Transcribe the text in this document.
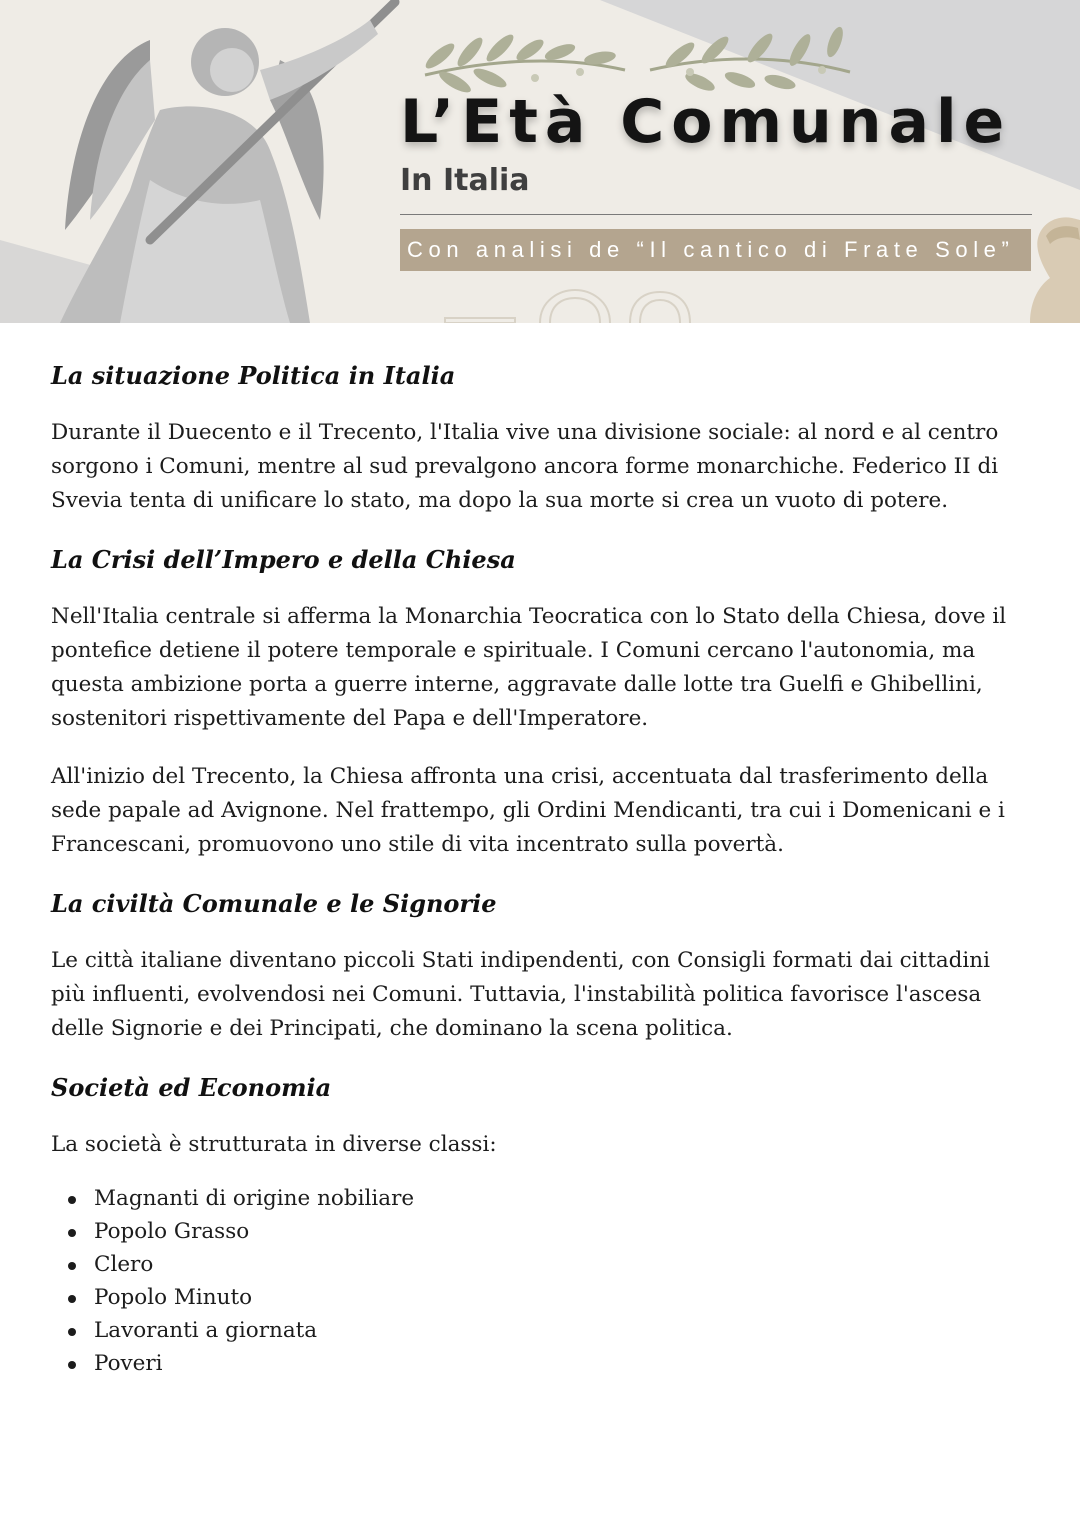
L’Età Comunale
In Italia
Con analisi de “Il cantico di Frate Sole”
La situazione Politica in Italia

Durante il Duecento e il Trecento, l'Italia vive una divisione sociale: al nord e al centro sorgono i Comuni, mentre al sud prevalgono ancora forme monarchiche. Federico II di Svevia tenta di unificare lo stato, ma dopo la sua morte si crea un vuoto di potere.

La Crisi dell’Impero e della Chiesa

Nell'Italia centrale si afferma la Monarchia Teocratica con lo Stato della Chiesa, dove il pontefice detiene il potere temporale e spirituale. I Comuni cercano l'autonomia, ma questa ambizione porta a guerre interne, aggravate dalle lotte tra Guelfi e Ghibellini, sostenitori rispettivamente del Papa e dell'Imperatore.

All'inizio del Trecento, la Chiesa affronta una crisi, accentuata dal trasferimento della sede papale ad Avignone. Nel frattempo, gli Ordini Mendicanti, tra cui i Domenicani e i Francescani, promuovono uno stile di vita incentrato sulla povertà.

La civiltà Comunale e le Signorie

Le città italiane diventano piccoli Stati indipendenti, con Consigli formati dai cittadini più influenti, evolvendosi nei Comuni. Tuttavia, l'instabilità politica favorisce l'ascesa delle Signorie e dei Principati, che dominano la scena politica.

Società ed Economia

La società è strutturata in diverse classi:

Magnanti di origine nobiliare
Popolo Grasso
Clero
Popolo Minuto
Lavoranti a giornata
Poveri
